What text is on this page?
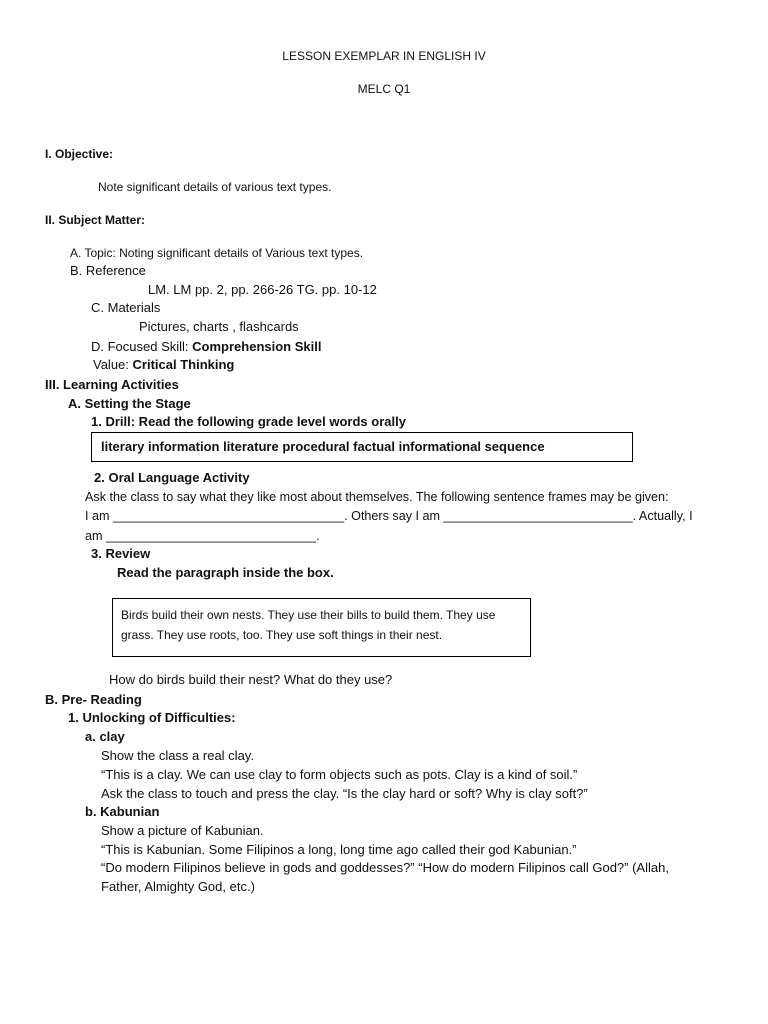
LESSON EXEMPLAR IN ENGLISH IV
MELC Q1
I. Objective:
Note significant details of various text types.
II. Subject Matter:
A. Topic: Noting significant details of Various text types.
B. Reference
LM. LM pp. 2, pp. 266-26 TG. pp. 10-12
C. Materials
Pictures, charts , flashcards
D. Focused Skill: Comprehension Skill
Value: Critical Thinking
III. Learning Activities
A. Setting the Stage
1. Drill: Read the following grade level words orally
literary information literature procedural factual informational sequence
2. Oral Language Activity
Ask the class to say what they like most about themselves. The following sentence frames may be given:
I am _________________________________. Others say I am ___________________________. Actually, I
am ______________________________.
3. Review
Read the paragraph inside the box.
Birds build their own nests. They use their bills to build them. They use
grass. They use roots, too. They use soft things in their nest.
How do birds build their nest? What do they use?
B. Pre- Reading
1. Unlocking of Difficulties:
a. clay
Show the class a real clay.
“This is a clay. We can use clay to form objects such as pots. Clay is a kind of soil.”
Ask the class to touch and press the clay. “Is the clay hard or soft? Why is clay soft?”
b. Kabunian
Show a picture of Kabunian.
“This is Kabunian. Some Filipinos a long, long time ago called their god Kabunian.”
“Do modern Filipinos believe in gods and goddesses?” “How do modern Filipinos call God?” (Allah,
Father, Almighty God, etc.)
